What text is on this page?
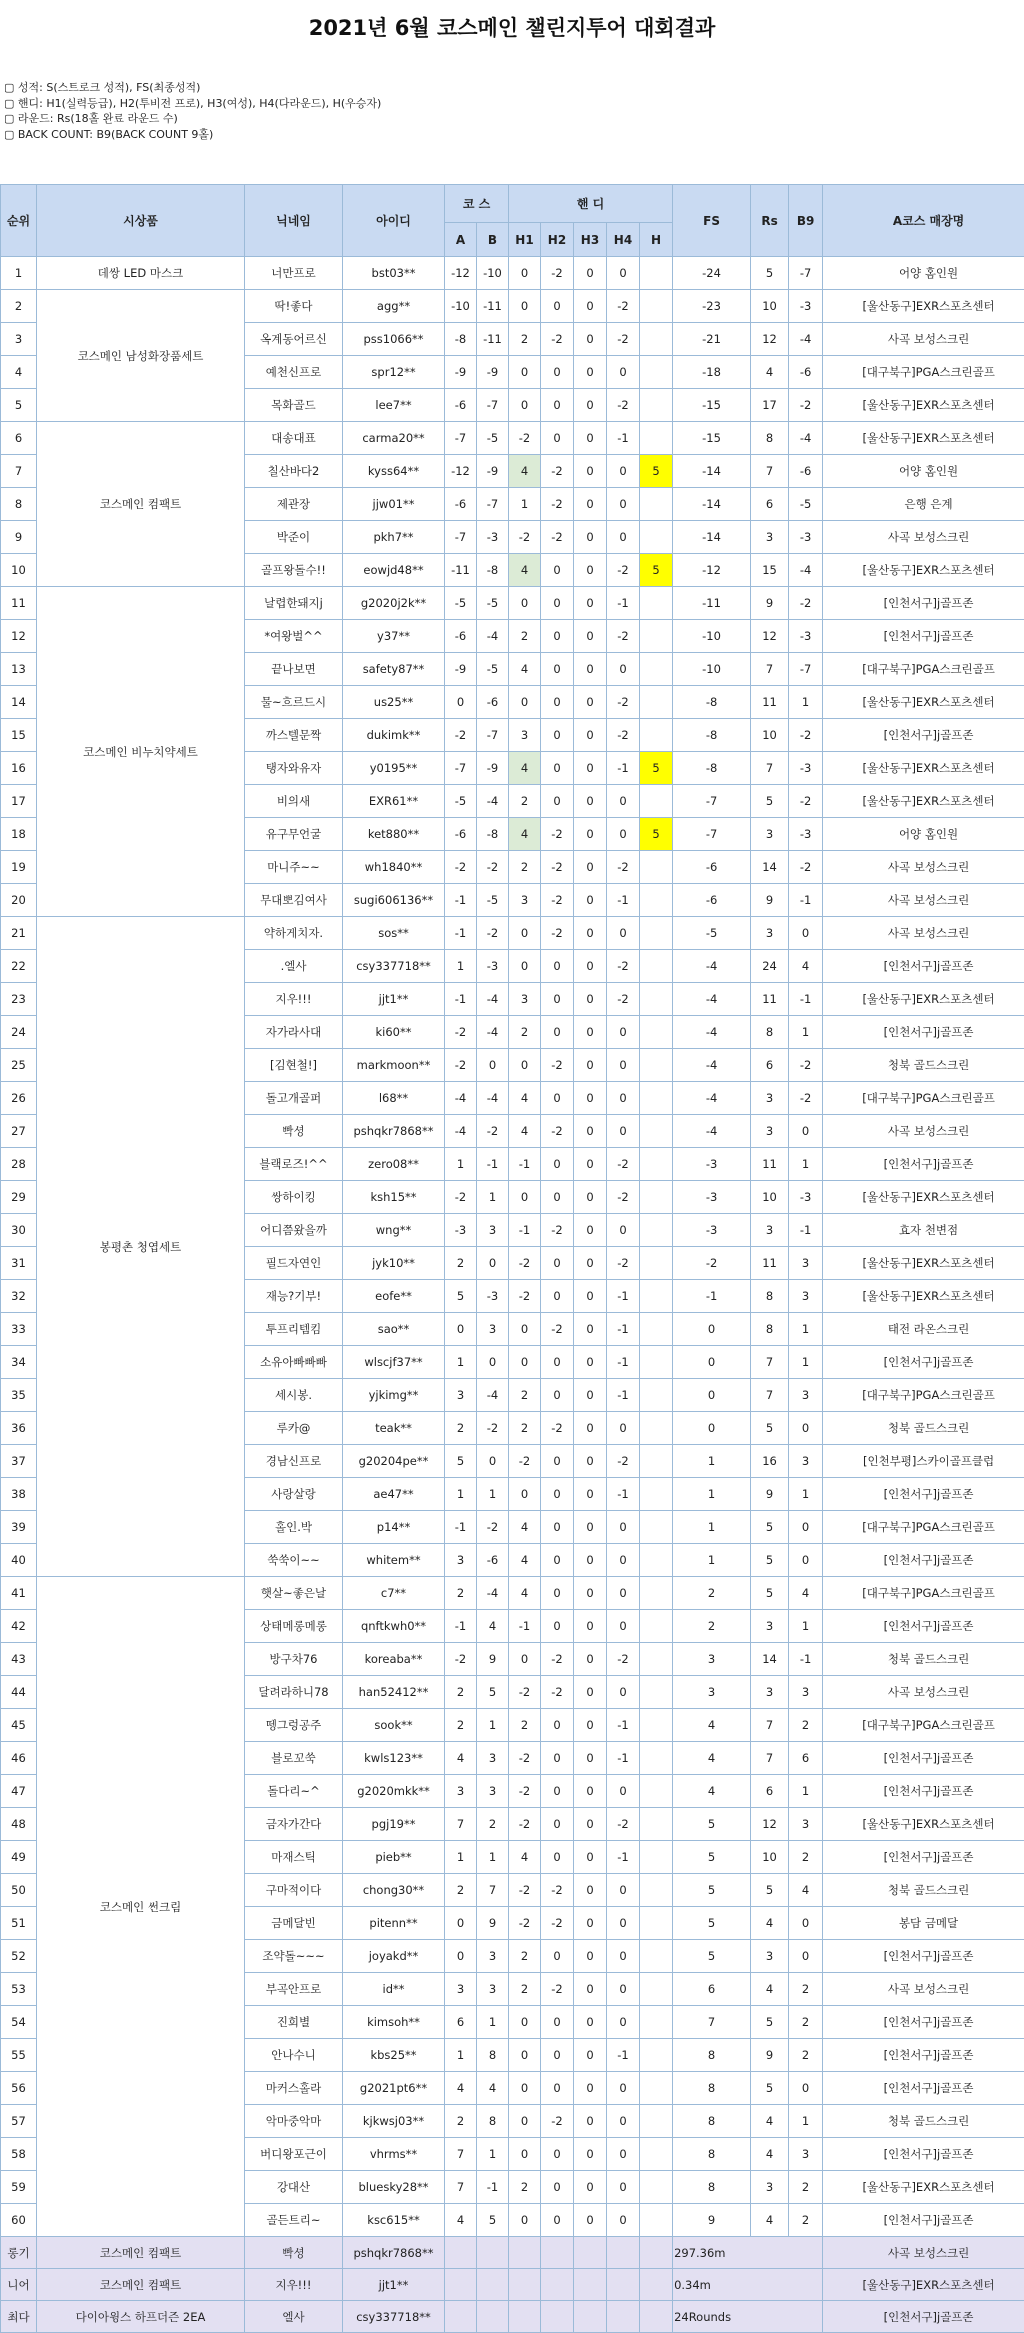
2021년 6월 코스메인 챌린지투어 대회결과
▢ 성적: S(스트로크 성적), FS(최종성적)
▢ 핸디: H1(실력등급), H2(투비전 프로), H3(여성), H4(다라운드), H(우승자)
▢ 라운드: Rs(18홀 완료 라운드 수)
▢ BACK COUNT: B9(BACK COUNT 9홀)
순위	시상품	닉네임	아이디	코 스		핸 디					FS	Rs	B9	A코스 매장명
				A	B	H1	H2	H3	H4	H				
1	데쌍 LED 마스크	너만프로	bst03**	-12	-10	0	-2	0	0		-24	5	-7	어양 홈인원
2	코스메인 남성화장품세트	딱!좋다	agg**	-10	-11	0	0	0	-2		-23	10	-3	[울산동구]EXR스포츠센터
3		옥계동어르신	pss1066**	-8	-11	2	-2	0	-2		-21	12	-4	사곡 보성스크린
4		예천신프로	spr12**	-9	-9	0	0	0	0		-18	4	-6	[대구북구]PGA스크린골프
5		목화골드	lee7**	-6	-7	0	0	0	-2		-15	17	-2	[울산동구]EXR스포츠센터
6	코스메인 컴팩트	대송대표	carma20**	-7	-5	-2	0	0	-1		-15	8	-4	[울산동구]EXR스포츠센터
7		칠산바다2	kyss64**	-12	-9	4	-2	0	0	5	-14	7	-6	어양 홈인원
8		제관장	jjw01**	-6	-7	1	-2	0	0		-14	6	-5	은행 은계
9		박준이	pkh7**	-7	-3	-2	-2	0	0		-14	3	-3	사곡 보성스크린
10		골프왕돌수!!	eowjd48**	-11	-8	4	0	0	-2	5	-12	15	-4	[울산동구]EXR스포츠센터
11	코스메인 비누치약세트	날렵한돼지j	g2020j2k**	-5	-5	0	0	0	-1		-11	9	-2	[인천서구]j골프존
12		*여왕벌^^	y37**	-6	-4	2	0	0	-2		-10	12	-3	[인천서구]j골프존
13		끝나보면	safety87**	-9	-5	4	0	0	0		-10	7	-7	[대구북구]PGA스크린골프
14		물~흐르드시	us25**	0	-6	0	0	0	-2		-8	11	1	[울산동구]EXR스포츠센터
15		까스텔문짝	dukimk**	-2	-7	3	0	0	-2		-8	10	-2	[인천서구]j골프존
16		탱자와유자	y0195**	-7	-9	4	0	0	-1	5	-8	7	-3	[울산동구]EXR스포츠센터
17		비의새	EXR61**	-5	-4	2	0	0	0		-7	5	-2	[울산동구]EXR스포츠센터
18		유구무언굴	ket880**	-6	-8	4	-2	0	0	5	-7	3	-3	어양 홈인원
19		마니주~~	wh1840**	-2	-2	2	-2	0	-2		-6	14	-2	사곡 보성스크린
20		무대뽀김여사	sugi606136**	-1	-5	3	-2	0	-1		-6	9	-1	사곡 보성스크린
21	봉평촌 청엽세트	약하게치자.	sos**	-1	-2	0	-2	0	0		-5	3	0	사곡 보성스크린
22		.엘사	csy337718**	1	-3	0	0	0	-2		-4	24	4	[인천서구]j골프존
23		지우!!!	jjt1**	-1	-4	3	0	0	-2		-4	11	-1	[울산동구]EXR스포츠센터
24		자가라사대	ki60**	-2	-4	2	0	0	0		-4	8	1	[인천서구]j골프존
25		[김현철!]	markmoon**	-2	0	0	-2	0	0		-4	6	-2	청북 골드스크린
26		돌고개골퍼	l68**	-4	-4	4	0	0	0		-4	3	-2	[대구북구]PGA스크린골프
27		빡셩	pshqkr7868**	-4	-2	4	-2	0	0		-4	3	0	사곡 보성스크린
28		블랙로즈!^^	zero08**	1	-1	-1	0	0	-2		-3	11	1	[인천서구]j골프존
29		쌍하이킹	ksh15**	-2	1	0	0	0	-2		-3	10	-3	[울산동구]EXR스포츠센터
30		어디쯤왔을까	wng**	-3	3	-1	-2	0	0		-3	3	-1	효자 천변점
31		필드자연인	jyk10**	2	0	-2	0	0	-2		-2	11	3	[울산동구]EXR스포츠센터
32		재능?기부!	eofe**	5	-3	-2	0	0	-1		-1	8	3	[울산동구]EXR스포츠센터
33		투프리템킴	sao**	0	3	0	-2	0	-1		0	8	1	태전 라온스크린
34		소유아빠빠빠	wlscjf37**	1	0	0	0	0	-1		0	7	1	[인천서구]j골프존
35		세시봉.	yjkimg**	3	-4	2	0	0	-1		0	7	3	[대구북구]PGA스크린골프
36		루카@	teak**	2	-2	2	-2	0	0		0	5	0	청북 골드스크린
37		경남신프로	g20204pe**	5	0	-2	0	0	-2		1	16	3	[인천부평]스카이골프클럽
38		사랑살랑	ae47**	1	1	0	0	0	-1		1	9	1	[인천서구]j골프존
39		홀인.박	p14**	-1	-2	4	0	0	0		1	5	0	[대구북구]PGA스크린골프
40		쑥쑥이~~	whitem**	3	-6	4	0	0	0		1	5	0	[인천서구]j골프존
41	코스메인 썬크림	햇살~좋은날	c7**	2	-4	4	0	0	0		2	5	4	[대구북구]PGA스크린골프
42		상태메롱메롱	qnftkwh0**	-1	4	-1	0	0	0		2	3	1	[인천서구]j골프존
43		방구차76	koreaba**	-2	9	0	-2	0	-2		3	14	-1	청북 골드스크린
44		달려라하니78	han52412**	2	5	-2	-2	0	0		3	3	3	사곡 보성스크린
45		뗑그렁공주	sook**	2	1	2	0	0	-1		4	7	2	[대구북구]PGA스크린골프
46		블로꼬쑥	kwls123**	4	3	-2	0	0	-1		4	7	6	[인천서구]j골프존
47		돌다리~^	g2020mkk**	3	3	-2	0	0	0		4	6	1	[인천서구]j골프존
48		금자가간다	pgj19**	7	2	-2	0	0	-2		5	12	3	[울산동구]EXR스포츠센터
49		마재스틱	pieb**	1	1	4	0	0	-1		5	10	2	[인천서구]j골프존
50		구마적이다	chong30**	2	7	-2	-2	0	0		5	5	4	청북 골드스크린
51		금메달빈	pitenn**	0	9	-2	-2	0	0		5	4	0	봉담 금메달
52		조약돌~~~	joyakd**	0	3	2	0	0	0		5	3	0	[인천서구]j골프존
53		부곡안프로	id**	3	3	2	-2	0	0		6	4	2	사곡 보성스크린
54		진희별	kimsoh**	6	1	0	0	0	0		7	5	2	[인천서구]j골프존
55		안나수니	kbs25**	1	8	0	0	0	-1		8	9	2	[인천서구]j골프존
56		마커스홀라	g2021pt6**	4	4	0	0	0	0		8	5	0	[인천서구]j골프존
57		악마중악마	kjkwsj03**	2	8	0	-2	0	0		8	4	1	청북 골드스크린
58		버디왕포근이	vhrms**	7	1	0	0	0	0		8	4	3	[인천서구]j골프존
59		강대산	bluesky28**	7	-1	2	0	0	0		8	3	2	[울산동구]EXR스포츠센터
60		골든트리~	ksc615**	4	5	0	0	0	0		9	4	2	[인천서구]j골프존
롱기	코스메인 컴팩트	빡셩	pshqkr7868**								297.36m			사곡 보성스크린
니어	코스메인 컴팩트	지우!!!	jjt1**								0.34m			[울산동구]EXR스포츠센터
최다	다이아윙스 하프더즌 2EA	엘사	csy337718**								24Rounds			[인천서구]j골프존
